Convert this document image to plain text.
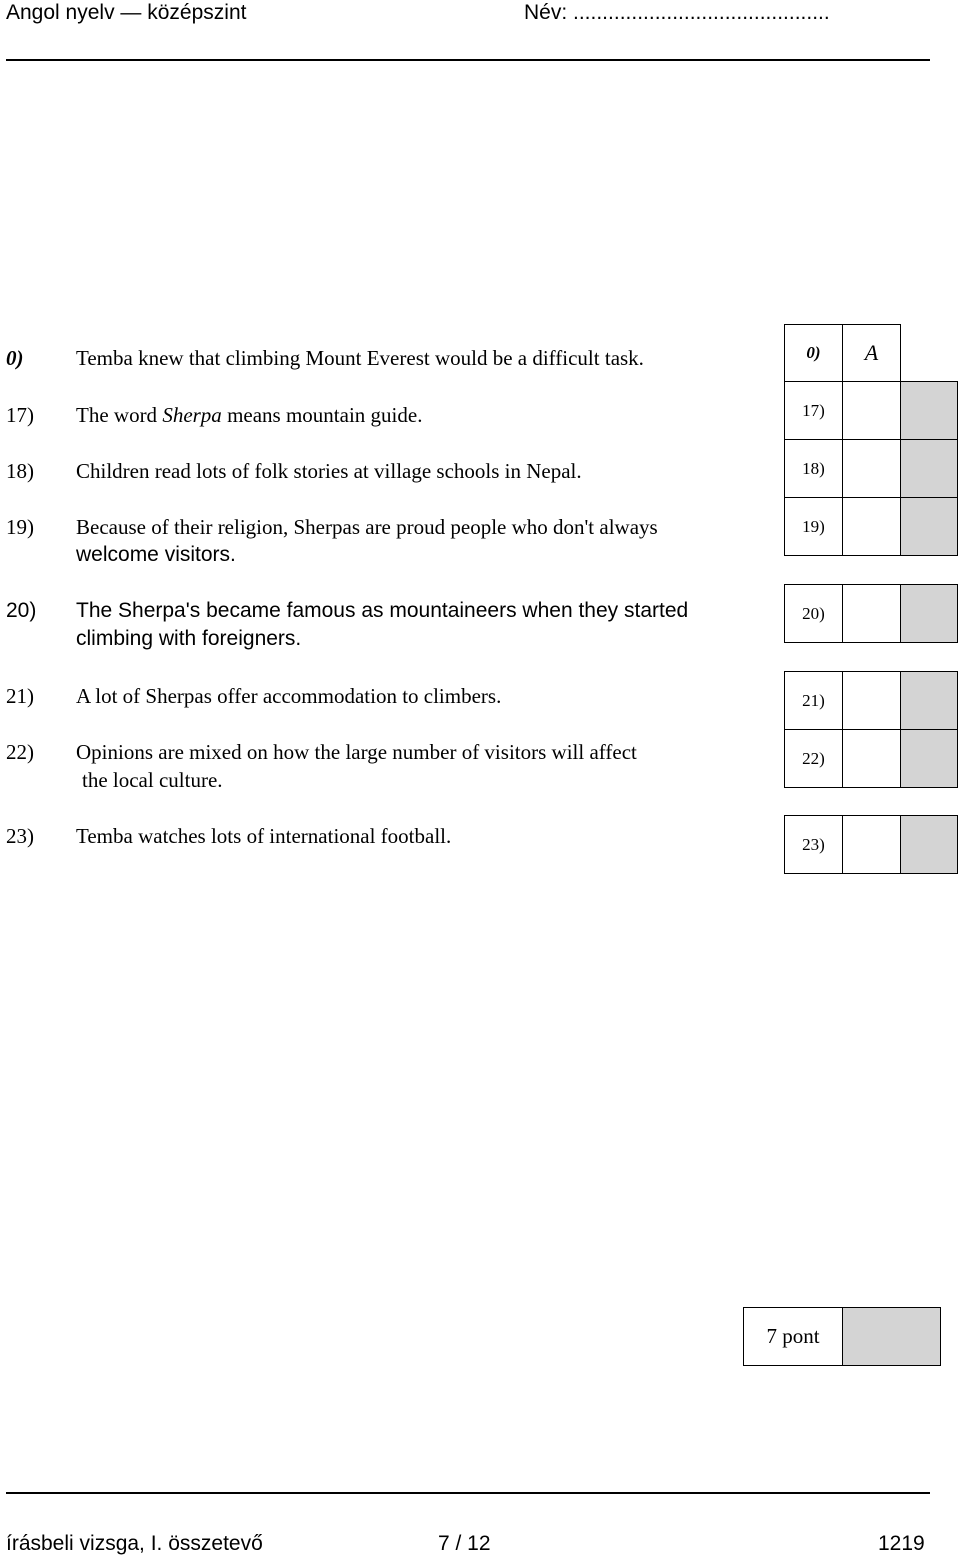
Angol nyelv — középszint	Név: ............................................
0)	Temba knew that climbing Mount Everest would be a difficult task.
17) The word Sherpa means mountain guide.
18) Children read lots of folk stories at village schools in Nepal.
19) Because of their religion, Sherpas are proud people who don't always
welcome visitors.
20) The Sherpa's became famous as mountaineers when they started
climbing with foreigners.
21) A lot of Sherpas offer accommodation to climbers.
22) Opinions are mixed on how the large number of visitors will affect
the local culture.
23) Temba watches lots of international football.
0)	A
17)
18)
19)
20)
21)
22)
23)
7 pont
írásbeli vizsga, I. összetevő	7 / 12	1219
